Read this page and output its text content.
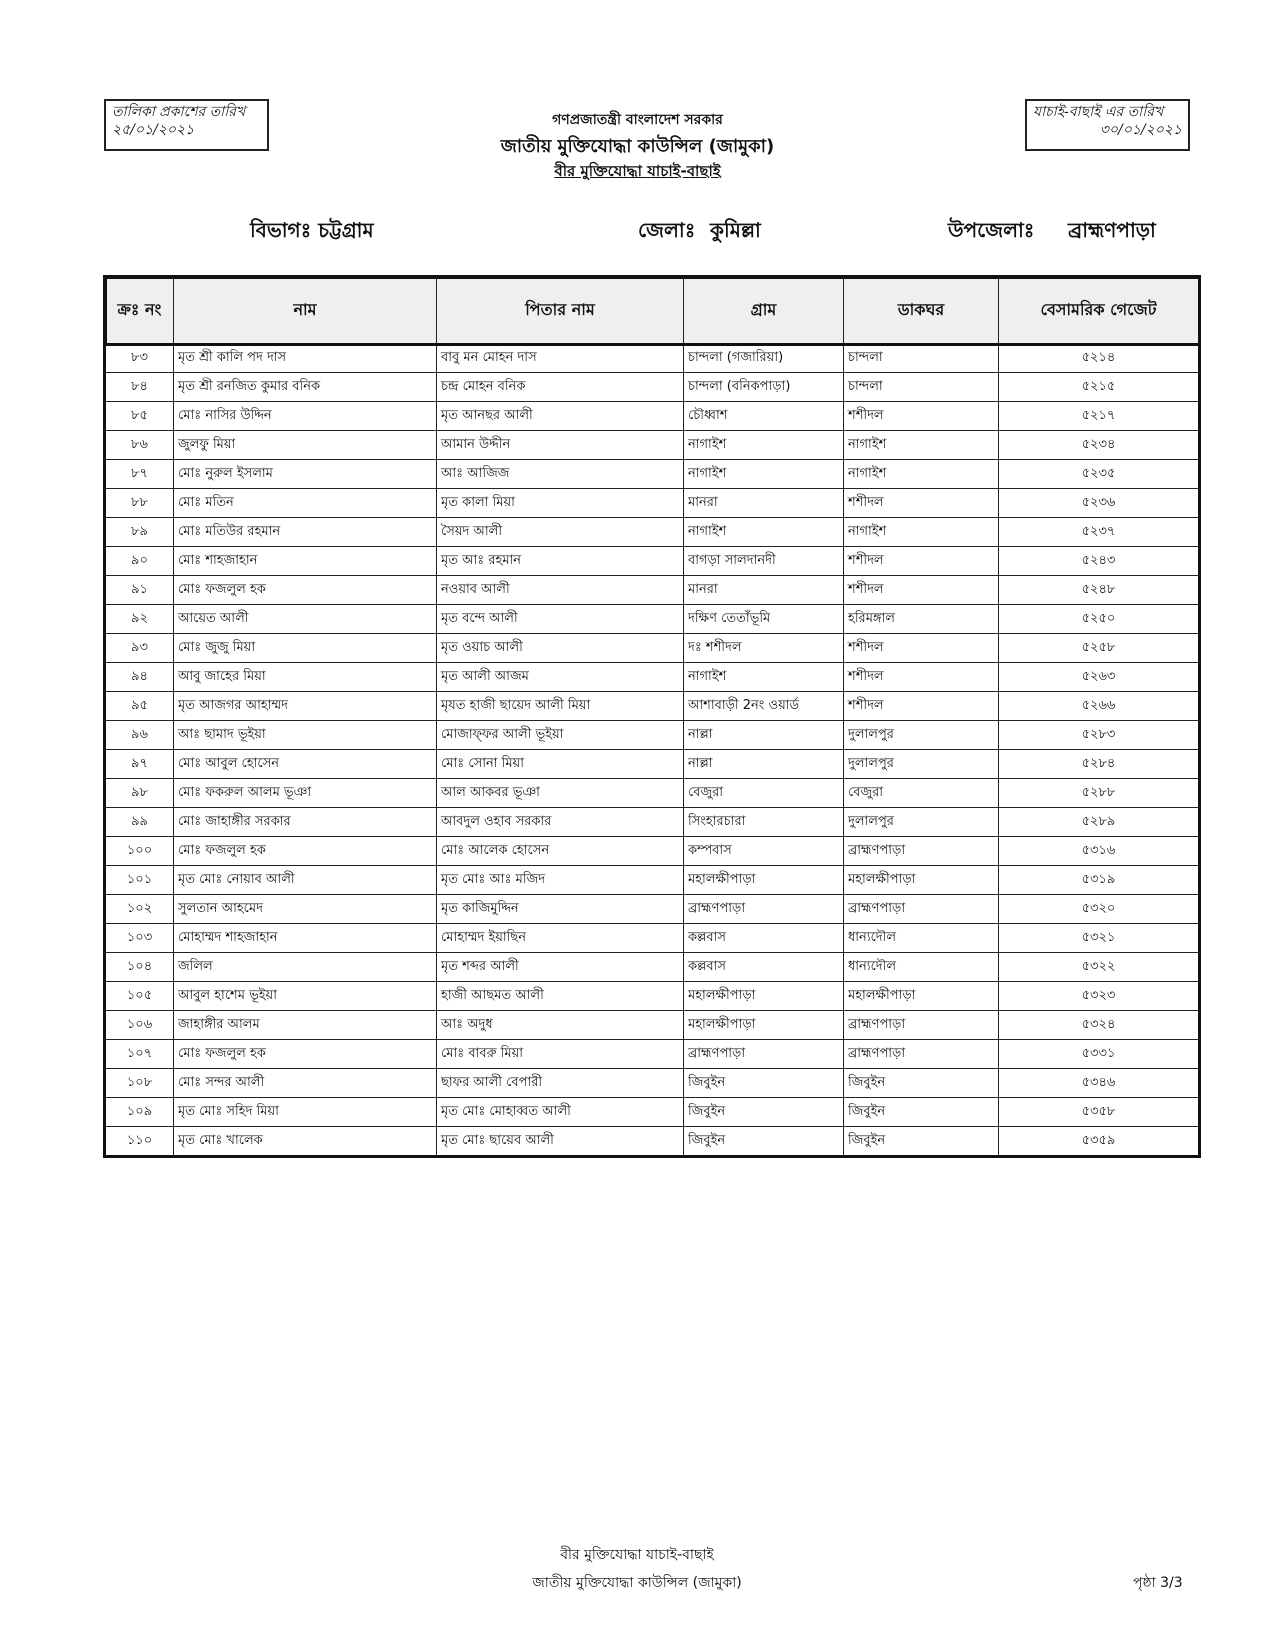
তালিকা প্রকাশের তারিখ
২৫/০১/২০২১
যাচাই-বাছাই এর তারিখ
৩০/০১/২০২১
গণপ্রজাতন্ত্রী বাংলাদেশ সরকার
জাতীয় মুক্তিযোদ্ধা কাউন্সিল (জামুকা)
বীর মুক্তিযোদ্ধা যাচাই-বাছাই
বিভাগঃ চট্টগ্রাম	জেলাঃ কুমিল্লা	উপজেলাঃ ব্রাহ্মণপাড়া
ক্রঃ নং	নাম	পিতার নাম	গ্রাম	ডাকঘর	বেসামরিক গেজেট
৮৩	মৃত শ্রী কালি পদ দাস	বাবু মন মোহন দাস	চান্দলা (গজারিয়া)	চান্দলা	৫২১৪
৮৪	মৃত শ্রী রনজিত কুমার বনিক	চন্দ্র মোহন বনিক	চান্দলা (বনিকপাড়া)	চান্দলা	৫২১৫
৮৫	মোঃ নাসির উদ্দিন	মৃত আনছর আলী	চৌধ্বাশ	শশীদল	৫২১৭
৮৬	জুলফু মিয়া	আমান উদ্দীন	নাগাইশ	নাগাইশ	৫২৩৪
৮৭	মোঃ নুরুল ইসলাম	আঃ আজিজ	নাগাইশ	নাগাইশ	৫২৩৫
৮৮	মোঃ মতিন	মৃত কালা মিয়া	মানরা	শশীদল	৫২৩৬
৮৯	মোঃ মতিউর রহমান	সৈয়দ আলী	নাগাইশ	নাগাইশ	৫২৩৭
৯০	মোঃ শাহজাহান	মৃত আঃ রহমান	বাগড়া সালদানদী	শশীদল	৫২৪৩
৯১	মোঃ ফজলুল হক	নওয়াব আলী	মানরা	শশীদল	৫২৪৮
৯২	আয়েত আলী	মৃত বন্দে আলী	দক্ষিণ তেতাঁভূমি	হরিমঙ্গাল	৫২৫০
৯৩	মোঃ জুজু মিয়া	মৃত ওয়াচ আলী	দঃ শশীদল	শশীদল	৫২৫৮
৯৪	আবু জাহের মিয়া	মৃত আলী আজম	নাগাইশ	শশীদল	৫২৬৩
৯৫	মৃত আজগর আহাম্মদ	মৃযত হাজী ছায়েদ আলী মিয়া	আশাবাড়ী 2নং ওয়ার্ড	শশীদল	৫২৬৬
৯৬	আঃ ছামাদ ভূইয়া	মোজাফ্ফর আলী ভূইয়া	নাল্লা	দুলালপুর	৫২৮৩
৯৭	মোঃ আবুল হোসেন	মোঃ সোনা মিয়া	নাল্লা	দুলালপুর	৫২৮৪
৯৮	মোঃ ফকরুল আলম ভূঞা	আল আকবর ভূঞা	বেজুরা	বেজুরা	৫২৮৮
৯৯	মোঃ জাহাঙ্গীর সরকার	আবদুল ওহাব সরকার	সিংহারচারা	দুলালপুর	৫২৮৯
১০০	মোঃ ফজলুল হক	মোঃ আলেক হোসেন	কম্পবাস	ব্রাহ্মণপাড়া	৫৩১৬
১০১	মৃত মোঃ নোয়াব আলী	মৃত মোঃ আঃ মজিদ	মহালক্ষীপাড়া	মহালক্ষীপাড়া	৫৩১৯
১০২	সুলতান আহমেদ	মৃত কাজিমুদ্দিন	ব্রাহ্মণপাড়া	ব্রাহ্মণপাড়া	৫৩২০
১০৩	মোহাম্মদ শাহজাহান	মোহাম্মদ ইয়াছিন	কল্লবাস	ধান্যদৌল	৫৩২১
১০৪	জলিল	মৃত শব্দর আলী	কল্লবাস	ধান্যদৌল	৫৩২২
১০৫	আবুল হাশেম ভূইয়া	হাজী আছমত আলী	মহালক্ষীপাড়া	মহালক্ষীপাড়া	৫৩২৩
১০৬	জাহাঙ্গীর আলম	আঃ অদুধ	মহালক্ষীপাড়া	ব্রাহ্মণপাড়া	৫৩২৪
১০৭	মোঃ ফজলুল হক	মোঃ বাবরু মিয়া	ব্রাহ্মণপাড়া	ব্রাহ্মণপাড়া	৫৩৩১
১০৮	মোঃ সন্দর আলী	ছাফর আলী বেপারী	জিবুইন	জিবুইন	৫৩৪৬
১০৯	মৃত মোঃ সহিদ মিয়া	মৃত মোঃ মোহাব্বত আলী	জিবুইন	জিবুইন	৫৩৫৮
১১০	মৃত মোঃ খালেক	মৃত মোঃ ছায়েব আলী	জিবুইন	জিবুইন	৫৩৫৯
বীর মুক্তিযোদ্ধা যাচাই-বাছাই
জাতীয় মুক্তিযোদ্ধা কাউন্সিল (জামুকা)	পৃষ্ঠা 3/3
